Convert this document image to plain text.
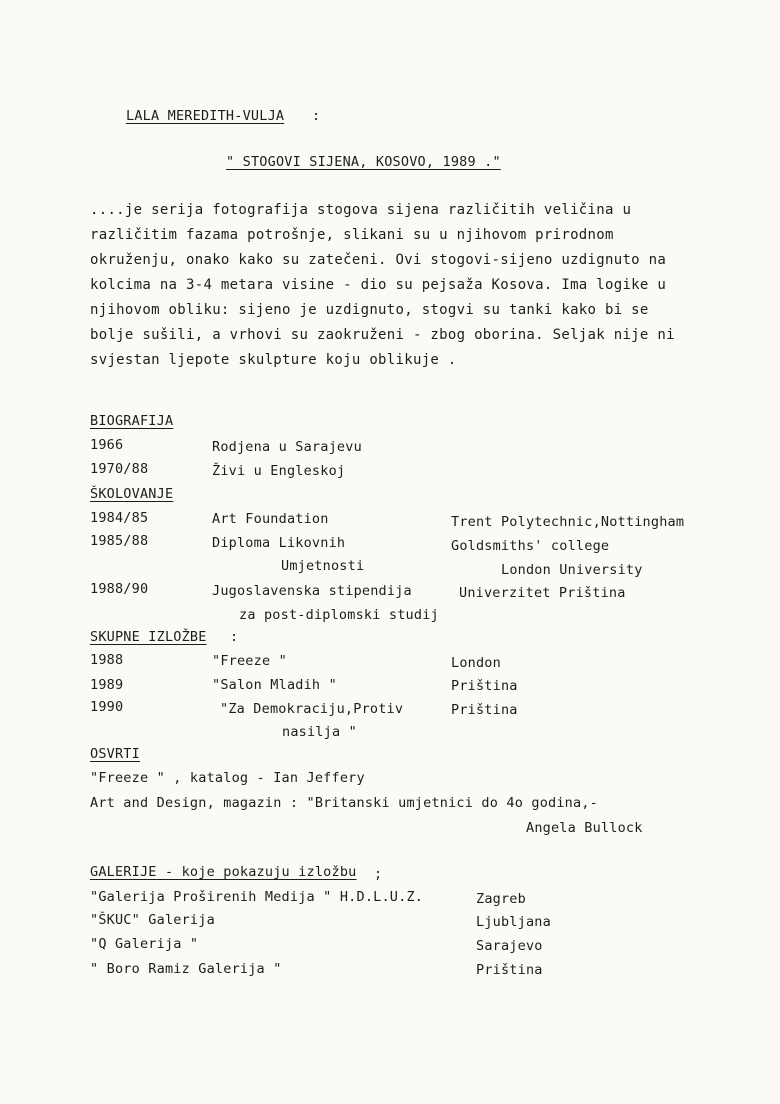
LALA MEREDITH-VULJA :
" STOGOVI SIJENA, KOSOVO, 1989 ."
....je serija fotografija stogova sijena različitih veličina u
različitim fazama potrošnje, slikani su u njihovom prirodnom
okruženju, onako kako su zatečeni. Ovi stogovi-sijeno uzdignuto na
kolcima na 3-4 metara visine - dio su pejsaža Kosova. Ima logike u
njihovom obliku: sijeno je uzdignuto, stogvi su tanki kako bi se
bolje sušili, a vrhovi su zaokruženi - zbog oborina. Seljak nije ni
svjestan ljepote skulpture koju oblikuje .
BIOGRAFIJA
1966	Rodjena u Sarajevu
1970/88	Živi u Engleskoj
ŠKOLOVANJE
1984/85	Art Foundation	Trent Polytechnic,Nottingham
1985/88	Diploma Likovnih	Goldsmiths' college
Umjetnosti	London University
1988/90	Jugoslavenska stipendija	Univerzitet Priština
za post-diplomski studij
SKUPNE IZLOŽBE :
1988	"Freeze "	London
1989	"Salon Mladih "	Priština
1990	"Za Demokraciju,Protiv	Priština
nasilja "
OSVRTI
"Freeze " , katalog - Ian Jeffery
Art and Design, magazin : "Britanski umjetnici do 4o godina,-
Angela Bullock
GALERIJE - koje pokazuju izložbu ;
"Galerija Proširenih Medija " H.D.L.U.Z.	Zagreb
"ŠKUC" Galerija	Ljubljana
"Q Galerija "	Sarajevo
" Boro Ramiz Galerija "	Priština
